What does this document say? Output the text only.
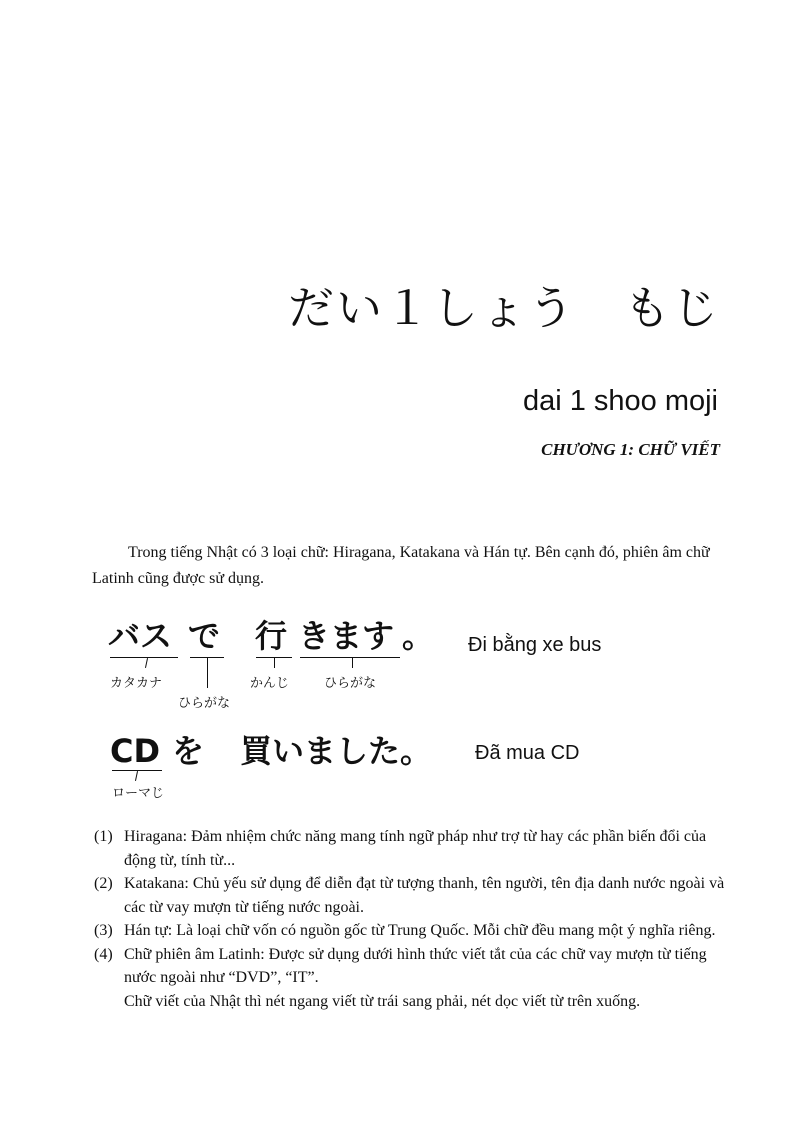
だい１しょう　もじ
dai 1 shoo moji
CHƯƠNG 1: CHỮ VIẾT
Trong tiếng Nhật có 3 loại chữ: Hiragana, Katakana và Hán tự. Bên cạnh đó, phiên âm chữ Latinh cũng được sử dụng.
バス で 行 きます 。
カタカナ
ひらがな
かんじ	ひらがな
Đi bằng xe bus
CD を 買いました。
ローマじ
Đã mua CD
(1) Hiragana: Đảm nhiệm chức năng mang tính ngữ pháp như trợ từ hay các phần biến đổi của động từ, tính từ...
(2) Katakana: Chủ yếu sử dụng để diễn đạt từ tượng thanh, tên người, tên địa danh nước ngoài và các từ vay mượn từ tiếng nước ngoài.
(3) Hán tự: Là loại chữ vốn có nguồn gốc từ Trung Quốc. Mỗi chữ đều mang một ý nghĩa riêng.
(4) Chữ phiên âm Latinh: Được sử dụng dưới hình thức viết tắt của các chữ vay mượn từ tiếng nước ngoài như “DVD”, “IT”.
Chữ viết của Nhật thì nét ngang viết từ trái sang phải, nét dọc viết từ trên xuống.
